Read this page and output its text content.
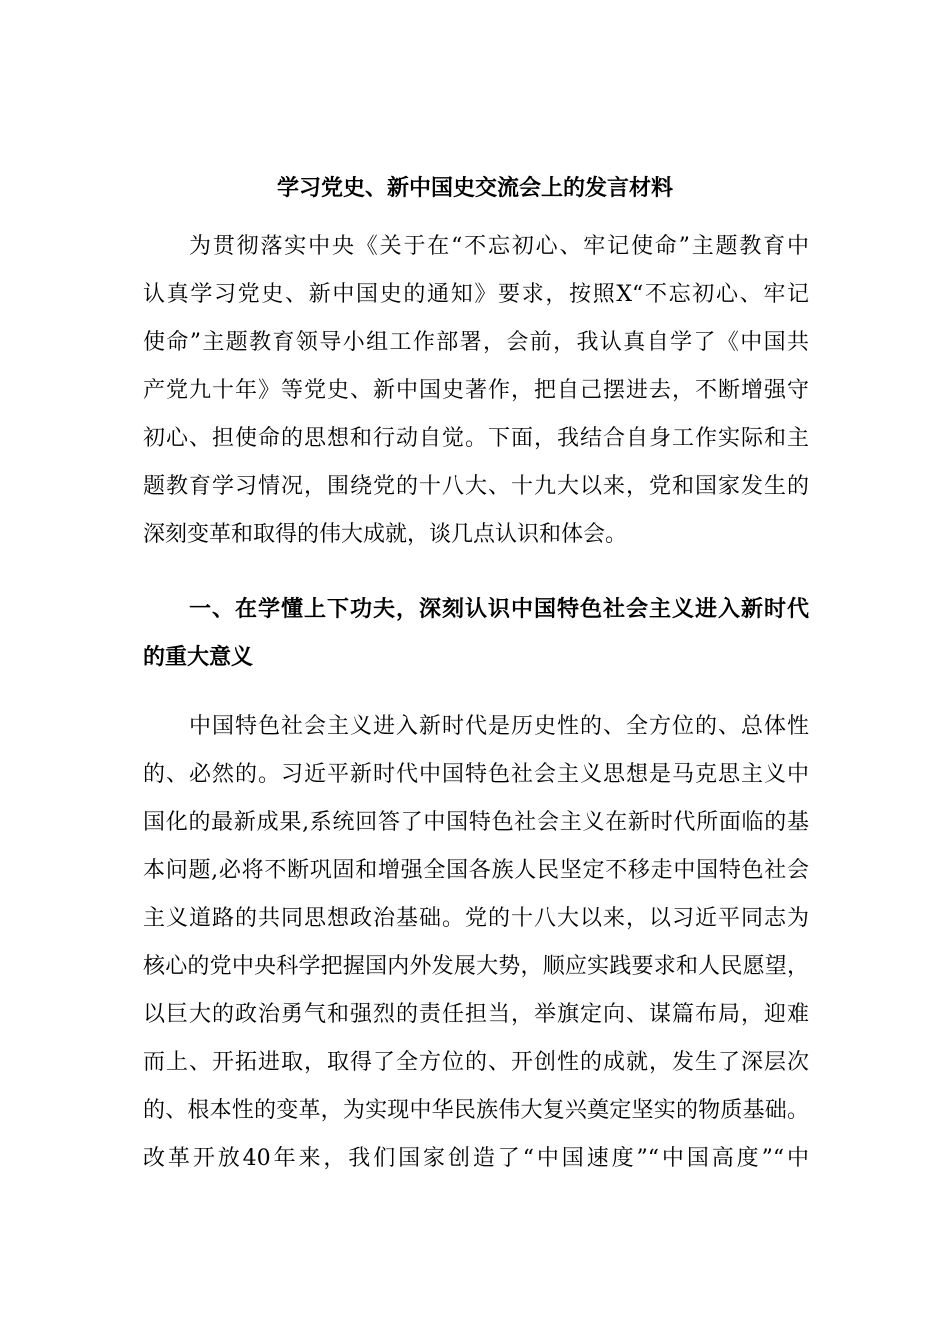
学习党史、新中国史交流会上的发言材料
为贯彻落实中央《关于在“不忘初心、牢记使命”主题教育中
认真学习党史、新中国史的通知》要求，按照X“不忘初心、牢记
使命”主题教育领导小组工作部署，会前，我认真自学了《中国共
产党九十年》等党史、新中国史著作，把自己摆进去，不断增强守
初心、担使命的思想和行动自觉。下面，我结合自身工作实际和主
题教育学习情况，围绕党的十八大、十九大以来，党和国家发生的
深刻变革和取得的伟大成就，谈几点认识和体会。
一、在学懂上下功夫，深刻认识中国特色社会主义进入新时代
的重大意义
中国特色社会主义进入新时代是历史性的、全方位的、总体性
的、必然的。习近平新时代中国特色社会主义思想是马克思主义中
国化的最新成果,系统回答了中国特色社会主义在新时代所面临的基
本问题,必将不断巩固和增强全国各族人民坚定不移走中国特色社会
主义道路的共同思想政治基础。党的十八大以来，以习近平同志为
核心的党中央科学把握国内外发展大势，顺应实践要求和人民愿望，
以巨大的政治勇气和强烈的责任担当，举旗定向、谋篇布局，迎难
而上、开拓进取，取得了全方位的、开创性的成就，发生了深层次
的、根本性的变革，为实现中华民族伟大复兴奠定坚实的物质基础。
改革开放40年来，我们国家创造了“中国速度”“中国高度”“中
